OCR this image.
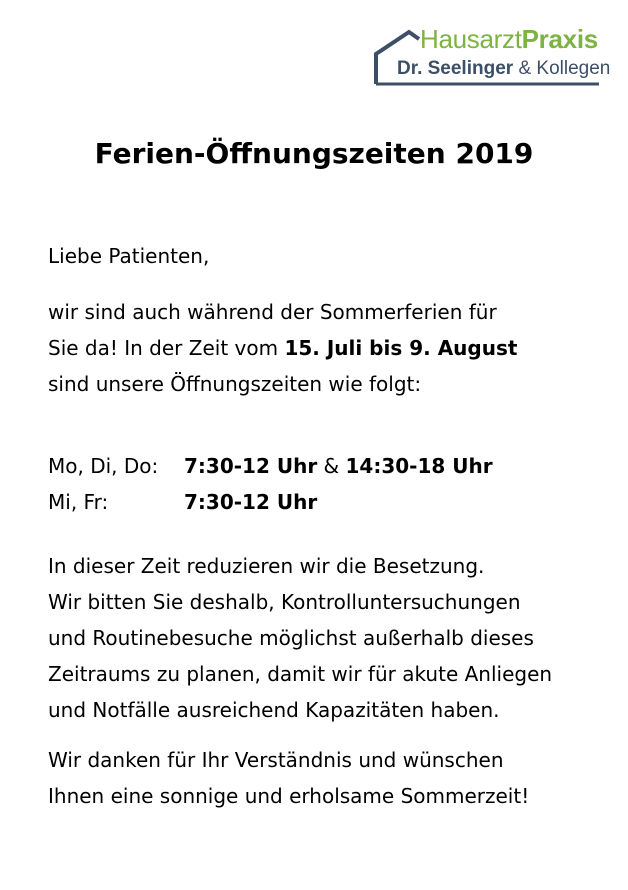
HausarztPraxis
Dr. Seelinger & Kollegen
Ferien-Öffnungszeiten 2019
Liebe Patienten,
wir sind auch während der Sommerferien für
Sie da! In der Zeit vom 15. Juli bis 9. August
sind unsere Öffnungszeiten wie folgt:
Mo, Di, Do: 7:30-12 Uhr & 14:30-18 Uhr
Mi, Fr:	7:30-12 Uhr
In dieser Zeit reduzieren wir die Besetzung.
Wir bitten Sie deshalb, Kontrolluntersuchungen
und Routinebesuche möglichst außerhalb dieses
Zeitraums zu planen, damit wir für akute Anliegen
und Notfälle ausreichend Kapazitäten haben.
Wir danken für Ihr Verständnis und wünschen
Ihnen eine sonnige und erholsame Sommerzeit!
